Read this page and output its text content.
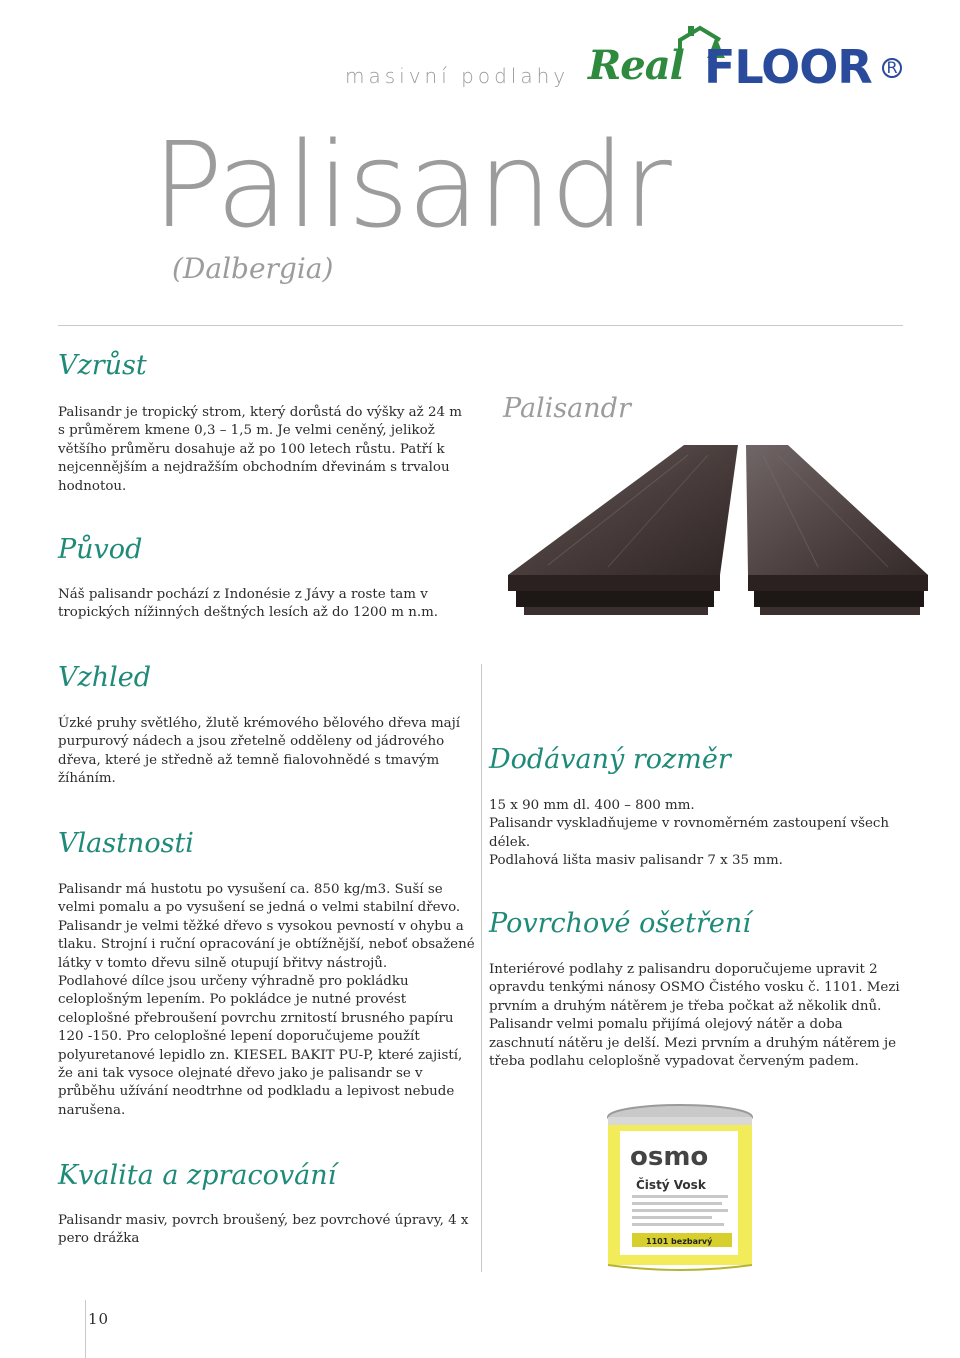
masivní podlahy Real FLOOR R
Palisandr
(Dalbergia)
Vzrůst
Palisandr je tropický strom, který dorůstá do výšky až 24 m s průměrem kmene 0,3 – 1,5 m. Je velmi ceněný, jelikož většího průměru dosahuje až po 100 letech růstu. Patří k nejcennějším a nejdražším obchodním dřevinám s trvalou hodnotou.
Původ
Náš palisandr pochází z Indonésie z Jávy a roste tam v tropických nížinných deštných lesích až do 1200 m n.m.
Vzhled
Úzké pruhy světlého, žlutě krémového bělového dřeva mají purpurový nádech a jsou zřetelně odděleny od jádrového dřeva, které je středně až temně fialovohnědé s tmavým žíháním.
Vlastnosti
Palisandr má hustotu po vysušení ca. 850 kg/m3. Suší se velmi pomalu a po vysušení se jedná o velmi stabilní dřevo. Palisandr je velmi těžké dřevo s vysokou pevností v ohybu a tlaku. Strojní i ruční opracování je obtížnější, neboť obsažené látky v tomto dřevu silně otupují břitvy nástrojů.
Podlahové dílce jsou určeny výhradně pro pokládku celoplošným lepením. Po pokládce je nutné provést celoplošné přebroušení povrchu zrnitostí brusného papíru 120 -150. Pro celoplošné lepení doporučujeme použít polyuretanové lepidlo zn. KIESEL BAKIT PU-P, které zajistí, že ani tak vysoce olejnaté dřevo jako je palisandr se v průběhu užívání neodtrhne od podkladu a lepivost nebude narušena.
Kvalita a zpracování
Palisandr masiv, povrch broušený, bez povrchové úpravy, 4 x pero drážka
Palisandr
Dodávaný rozměr
15 x 90 mm dl. 400 – 800 mm.
Palisandr vyskladňujeme v rovnoměrném zastoupení všech délek.
Podlahová lišta masiv palisandr 7 x 35 mm.
Povrchové ošetření
Interiérové podlahy z palisandru doporučujeme upravit 2 opravdu tenkými nánosy OSMO Čistého vosku č. 1101. Mezi prvním a druhým nátěrem je třeba počkat až několik dnů. Palisandr velmi pomalu přijímá olejový nátěr a doba zaschnutí nátěru je delší. Mezi prvním a druhým nátěrem je třeba podlahu celoplošně vypadovat červeným padem.
osmo
Čistý Vosk
1101 bezbarvý
10
